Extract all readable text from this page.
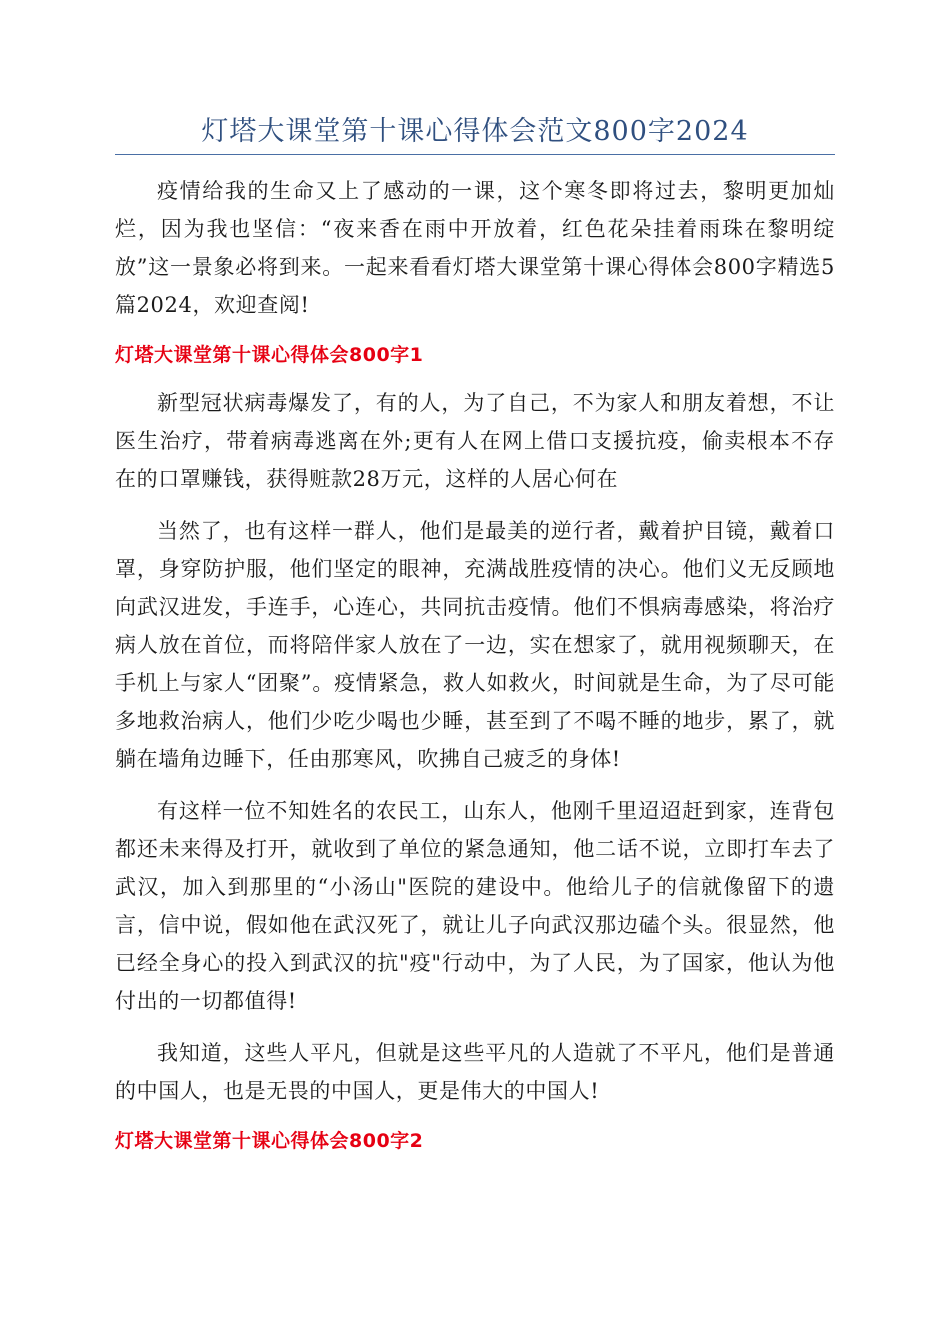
灯塔大课堂第十课心得体会范文800字2024

疫情给我的生命又上了感动的一课，这个寒冬即将过去，黎明更加灿烂，因为我也坚信：“夜来香在雨中开放着，红色花朵挂着雨珠在黎明绽放”这一景象必将到来。一起来看看灯塔大课堂第十课心得体会800字精选5篇2024，欢迎查阅!

灯塔大课堂第十课心得体会800字1

新型冠状病毒爆发了，有的人，为了自己，不为家人和朋友着想，不让医生治疗，带着病毒逃离在外;更有人在网上借口支援抗疫，偷卖根本不存在的口罩赚钱，获得赃款28万元，这样的人居心何在

当然了，也有这样一群人，他们是最美的逆行者，戴着护目镜，戴着口罩，身穿防护服，他们坚定的眼神，充满战胜疫情的决心。他们义无反顾地向武汉进发，手连手，心连心，共同抗击疫情。他们不惧病毒感染，将治疗病人放在首位，而将陪伴家人放在了一边，实在想家了，就用视频聊天，在手机上与家人“团聚”。疫情紧急，救人如救火，时间就是生命，为了尽可能多地救治病人，他们少吃少喝也少睡，甚至到了不喝不睡的地步，累了，就躺在墙角边睡下，任由那寒风，吹拂自己疲乏的身体!

有这样一位不知姓名的农民工，山东人，他刚千里迢迢赶到家，连背包都还未来得及打开，就收到了单位的紧急通知，他二话不说，立即打车去了武汉，加入到那里的“小汤山"医院的建设中。他给儿子的信就像留下的遗言，信中说，假如他在武汉死了，就让儿子向武汉那边磕个头。很显然，他已经全身心的投入到武汉的抗"疫"行动中，为了人民，为了国家，他认为他付出的一切都值得!

我知道，这些人平凡，但就是这些平凡的人造就了不平凡，他们是普通的中国人，也是无畏的中国人，更是伟大的中国人!

灯塔大课堂第十课心得体会800字2
